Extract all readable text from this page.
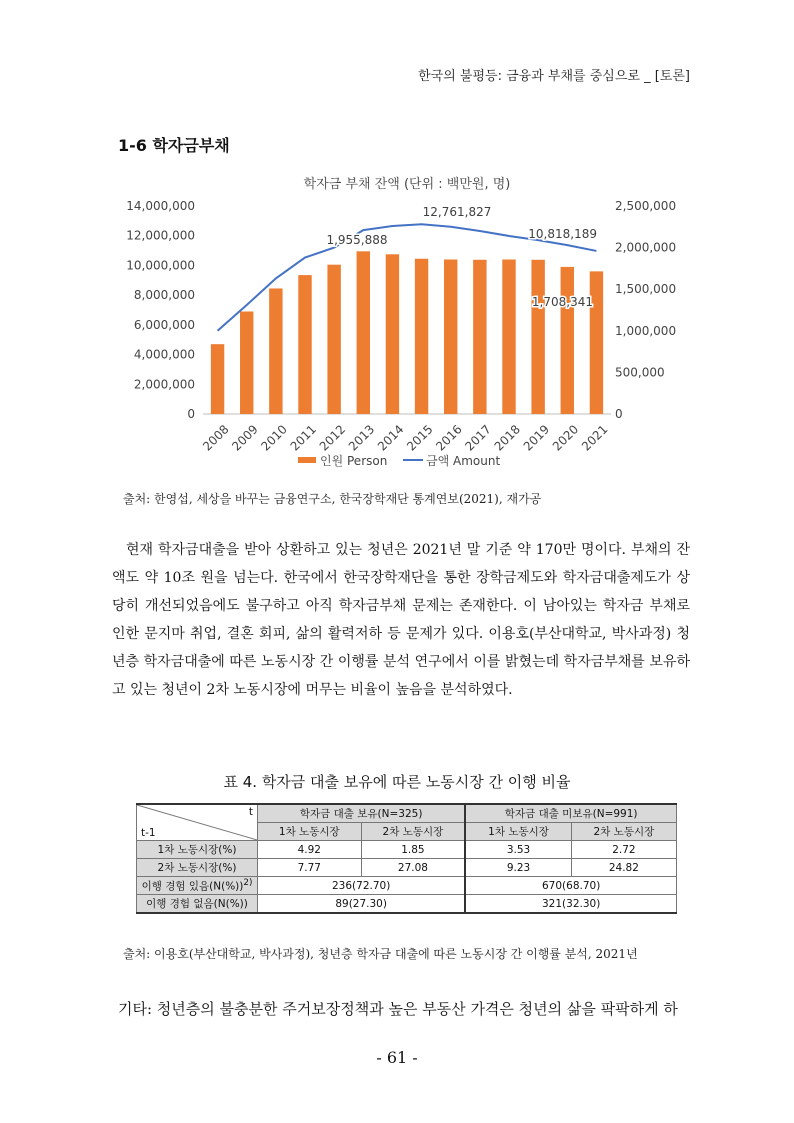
한국의 불평등: 금융과 부채를 중심으로 _ [토론]
1-6 학자금부채
학자금 부채 잔액 (단위 : 백만원, 명)
0
2,000,000
4,000,000
6,000,000
8,000,000
10,000,000
12,000,000
14,000,000
0
500,000
1,000,000
1,500,000
2,000,000
2,500,000
2008
2009
2010
2011
2012
2013
2014
2015
2016
2017
2018
2019
2020
2021
1,955,888
12,761,827
10,818,189
1,708,341
인원 Person	금액 Amount
출처: 한영섭, 세상을 바꾸는 금융연구소, 한국장학재단 통계연보(2021), 재가공
현재 학자금대출을 받아 상환하고 있는 청년은 2021년 말 기준 약 170만 명이다. 부채의 잔액도 약 10조 원을 넘는다. 한국에서 한국장학재단을 통한 장학금제도와 학자금대출제도가 상당히 개선되었음에도 불구하고 아직 학자금부채 문제는 존재한다. 이 남아있는 학자금 부채로 인한 문지마 취업, 결혼 회피, 삶의 활력저하 등 문제가 있다. 이용호(부산대학교, 박사과정) 청년층 학자금대출에 따른 노동시장 간 이행률 분석 연구에서 이를 밝혔는데 학자금부채를 보유하고 있는 청년이 2차 노동시장에 머무는 비율이 높음을 분석하였다.
표 4. 학자금 대출 보유에 따른 노동시장 간 이행 비율
t
t-1	학자금 대출 보유(N=325)		학자금 대출 미보유(N=991)	
	1차 노동시장	2차 노동시장	1차 노동시장	2차 노동시장
1차 노동시장(%)	4.92	1.85	3.53	2.72
2차 노동시장(%)	7.77	27.08	9.23	24.82
이행 경험 있음$(N(\%))^{2)}$	236(72.70)		670(68.70)	
이행 경험 없음(N(%))	89(27.30)		321(32.30)	
출처: 이용호(부산대학교, 박사과정), 청년층 학자금 대출에 따른 노동시장 간 이행률 분석, 2021년
기타: 청년층의 불충분한 주거보장정책과 높은 부동산 가격은 청년의 삶을 팍팍하게 하
- 61 -
